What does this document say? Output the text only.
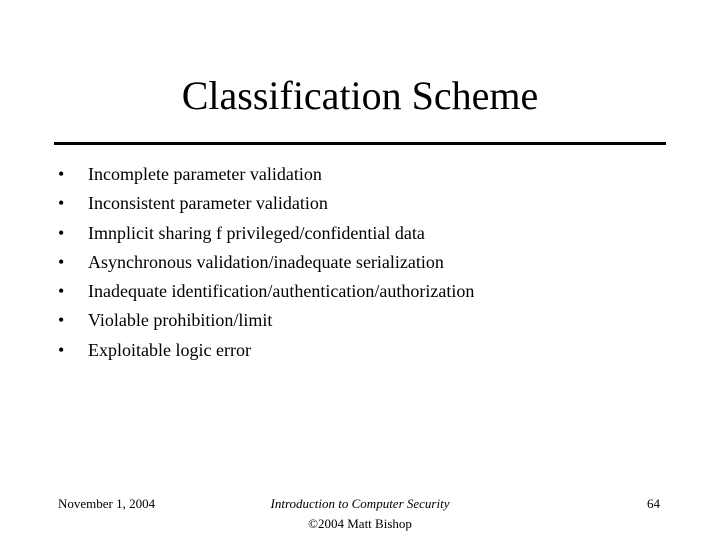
Classification Scheme
•	Incomplete parameter validation
•	Inconsistent parameter validation
•	Imnplicit sharing f privileged/confidential data
•	Asynchronous validation/inadequate serialization
•	Inadequate identification/authentication/authorization
•	Violable prohibition/limit
•	Exploitable logic error
November 1, 2004	Introduction to Computer Security
©2004 Matt Bishop
64
